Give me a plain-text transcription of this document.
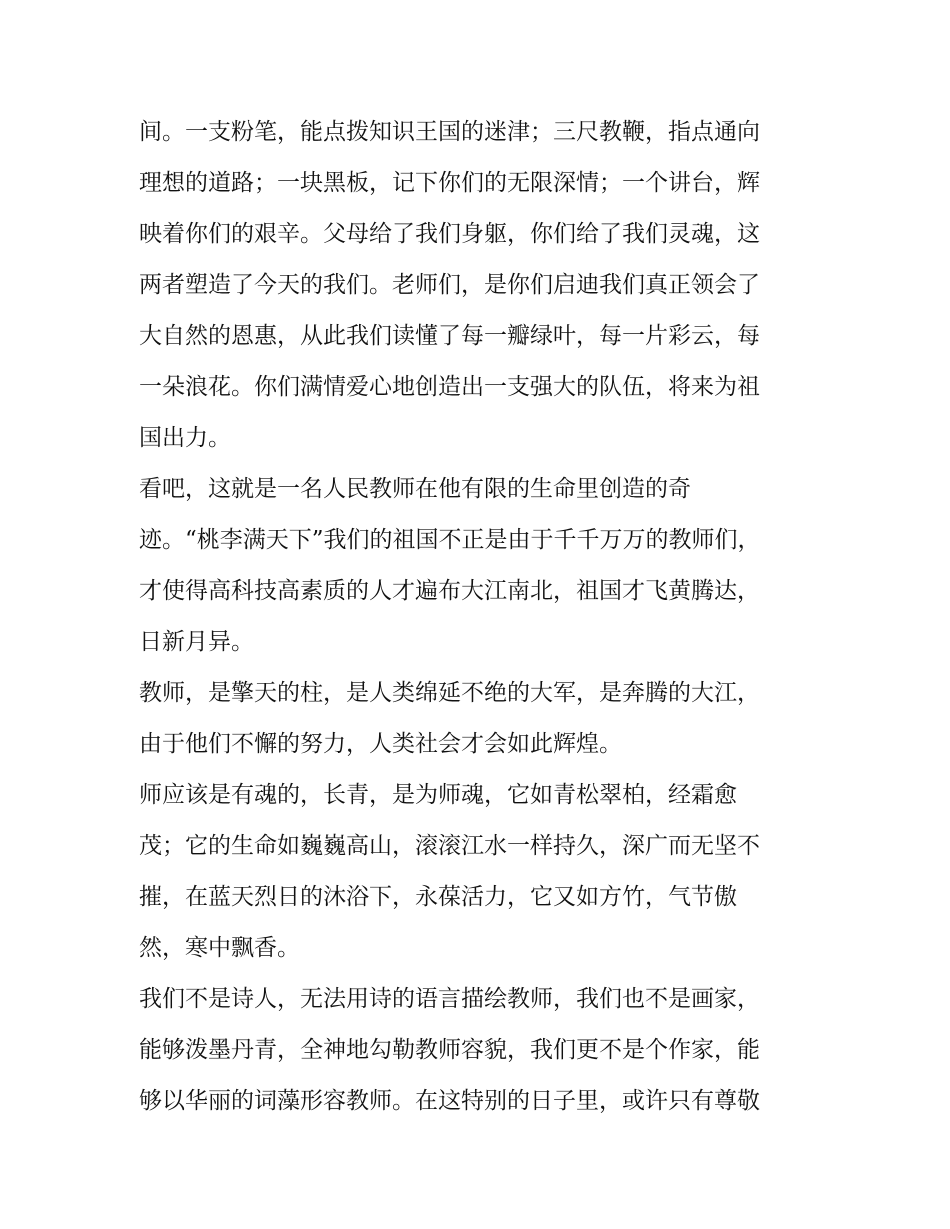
间。一支粉笔，能点拨知识王国的迷津；三尺教鞭，指点通向
理想的道路；一块黑板，记下你们的无限深情；一个讲台，辉
映着你们的艰辛。父母给了我们身躯，你们给了我们灵魂，这
两者塑造了今天的我们。老师们，是你们启迪我们真正领会了
大自然的恩惠，从此我们读懂了每一瓣绿叶，每一片彩云，每
一朵浪花。你们满情爱心地创造出一支强大的队伍，将来为祖
国出力。
看吧，这就是一名人民教师在他有限的生命里创造的奇
迹。“桃李满天下”我们的祖国不正是由于千千万万的教师们，
才使得高科技高素质的人才遍布大江南北，祖国才飞黄腾达，
日新月异。
教师，是擎天的柱，是人类绵延不绝的大军，是奔腾的大江，
由于他们不懈的努力，人类社会才会如此辉煌。
师应该是有魂的，长青，是为师魂，它如青松翠柏，经霜愈
茂；它的生命如巍巍高山，滚滚江水一样持久，深广而无坚不
摧，在蓝天烈日的沐浴下，永葆活力，它又如方竹，气节傲
然，寒中飘香。
我们不是诗人，无法用诗的语言描绘教师，我们也不是画家，
能够泼墨丹青，全神地勾勒教师容貌，我们更不是个作家，能
够以华丽的词藻形容教师。在这特别的日子里，或许只有尊敬
